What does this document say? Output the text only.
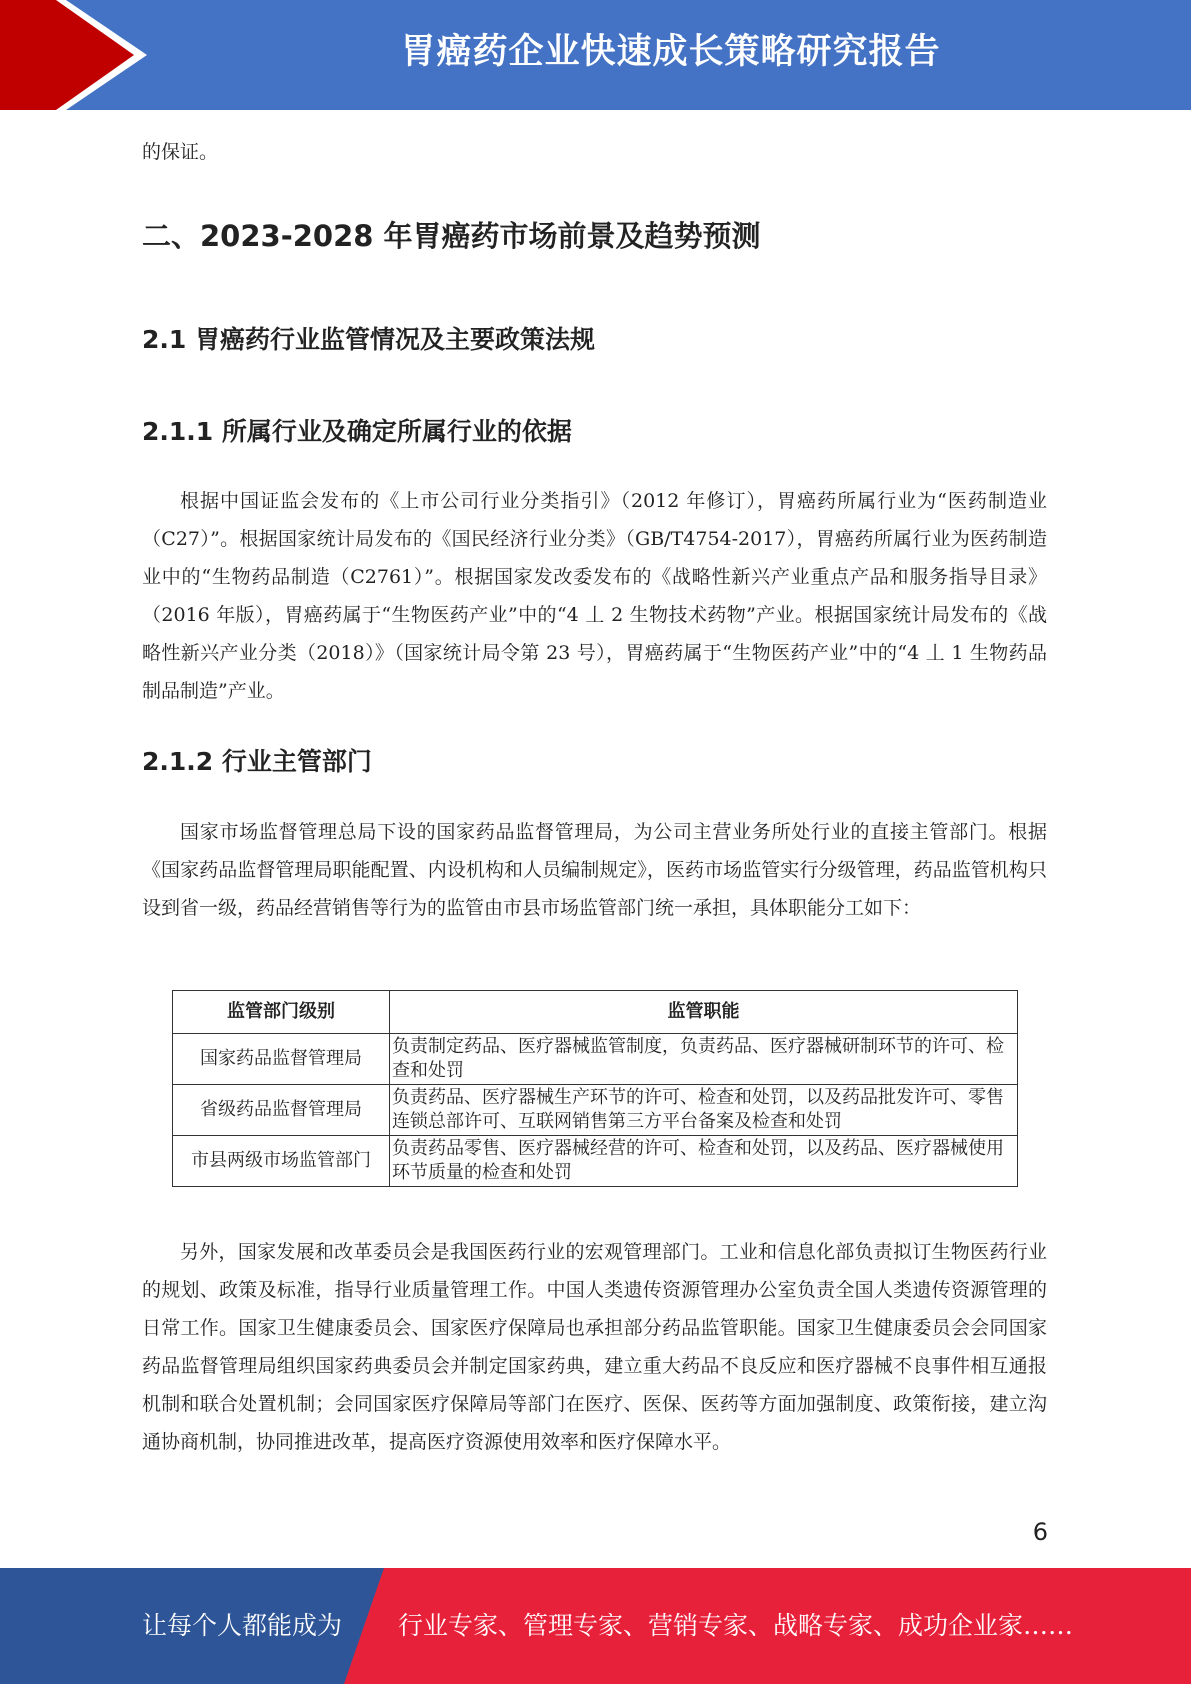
胃癌药企业快速成长策略研究报告

的保证。

二、2023-2028 年胃癌药市场前景及趋势预测
2.1 胃癌药行业监管情况及主要政策法规
2.1.1 所属行业及确定所属行业的依据

根据中国证监会发布的《上市公司行业分类指引》（2012 年修订），胃癌药所属行业为“医药制造业（C27）”。根据国家统计局发布的《国民经济行业分类》（GB/T4754-2017），胃癌药所属行业为医药制造业中的“生物药品制造（C2761）”。根据国家发改委发布的《战略性新兴产业重点产品和服务指导目录》（2016 年版），胃癌药属于“生物医药产业”中的“4 丄 2 生物技术药物”产业。根据国家统计局发布的《战略性新兴产业分类（2018）》（国家统计局令第 23 号），胃癌药属于“生物医药产业”中的“4 丄 1 生物药品制品制造”产业。

2.1.2 行业主管部门

国家市场监督管理总局下设的国家药品监督管理局，为公司主营业务所处行业的直接主管部门。根据《国家药品监督管理局职能配置、内设机构和人员编制规定》，医药市场监管实行分级管理，药品监管机构只设到省一级，药品经营销售等行为的监管由市县市场监管部门统一承担，具体职能分工如下：

监管部门级别	监管职能
国家药品监督管理局	负责制定药品、医疗器械监管制度，负责药品、医疗器械研制环节的许可、检查和处罚
省级药品监督管理局	负责药品、医疗器械生产环节的许可、检查和处罚，以及药品批发许可、零售连锁总部许可、互联网销售第三方平台备案及检查和处罚
市县两级市场监管部门	负责药品零售、医疗器械经营的许可、检查和处罚，以及药品、医疗器械使用环节质量的检查和处罚

另外，国家发展和改革委员会是我国医药行业的宏观管理部门。工业和信息化部负责拟订生物医药行业的规划、政策及标准，指导行业质量管理工作。中国人类遗传资源管理办公室负责全国人类遗传资源管理的日常工作。国家卫生健康委员会、国家医疗保障局也承担部分药品监管职能。国家卫生健康委员会会同国家药品监督管理局组织国家药典委员会并制定国家药典，建立重大药品不良反应和医疗器械不良事件相互通报机制和联合处置机制；会同国家医疗保障局等部门在医疗、医保、医药等方面加强制度、政策衔接，建立沟通协商机制，协同推进改革，提高医疗资源使用效率和医疗保障水平。

6
让每个人都能成为 行业专家、管理专家、营销专家、战略专家、成功企业家……
